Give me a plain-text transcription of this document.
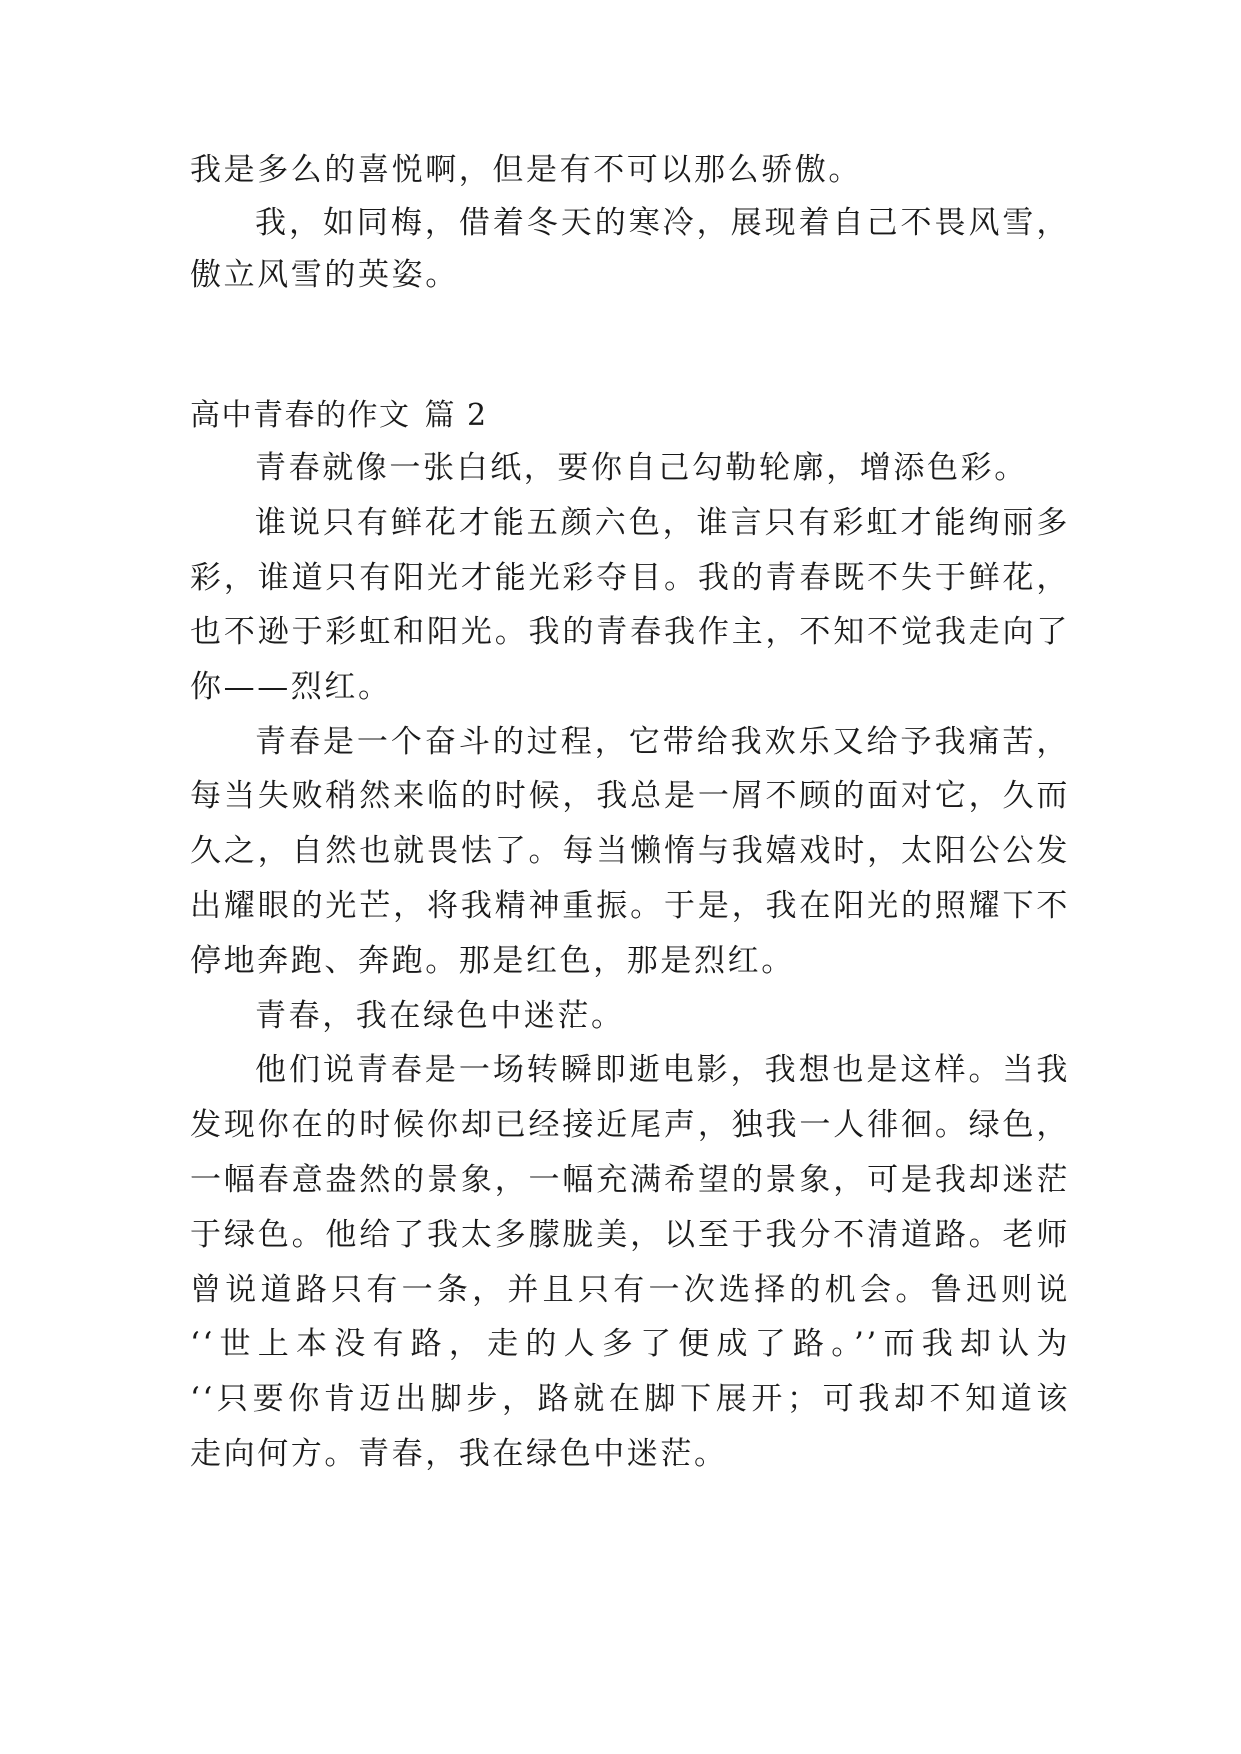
我是多么的喜悦啊，但是有不可以那么骄傲。
我，如同梅，借着冬天的寒冷，展现着自己不畏风雪，
傲立风雪的英姿。
高中青春的作文 篇 2
青春就像一张白纸，要你自己勾勒轮廓，增添色彩。
谁说只有鲜花才能五颜六色，谁言只有彩虹才能绚丽多
彩，谁道只有阳光才能光彩夺目。我的青春既不失于鲜花，
也不逊于彩虹和阳光。我的青春我作主，不知不觉我走向了
你——烈红。
青春是一个奋斗的过程，它带给我欢乐又给予我痛苦，
每当失败稍然来临的时候，我总是一屑不顾的面对它，久而
久之，自然也就畏怯了。每当懒惰与我嬉戏时，太阳公公发
出耀眼的光芒，将我精神重振。于是，我在阳光的照耀下不
停地奔跑、奔跑。那是红色，那是烈红。
青春，我在绿色中迷茫。
他们说青春是一场转瞬即逝电影，我想也是这样。当我
发现你在的时候你却已经接近尾声，独我一人徘徊。绿色，
一幅春意盎然的景象，一幅充满希望的景象，可是我却迷茫
于绿色。他给了我太多朦胧美，以至于我分不清道路。老师
曾说道路只有一条，并且只有一次选择的机会。鲁迅则说
‘‘世上本没有路，走的人多了便成了路。’’而我却认为
‘‘只要你肯迈出脚步，路就在脚下展开；可我却不知道该
走向何方。青春，我在绿色中迷茫。
